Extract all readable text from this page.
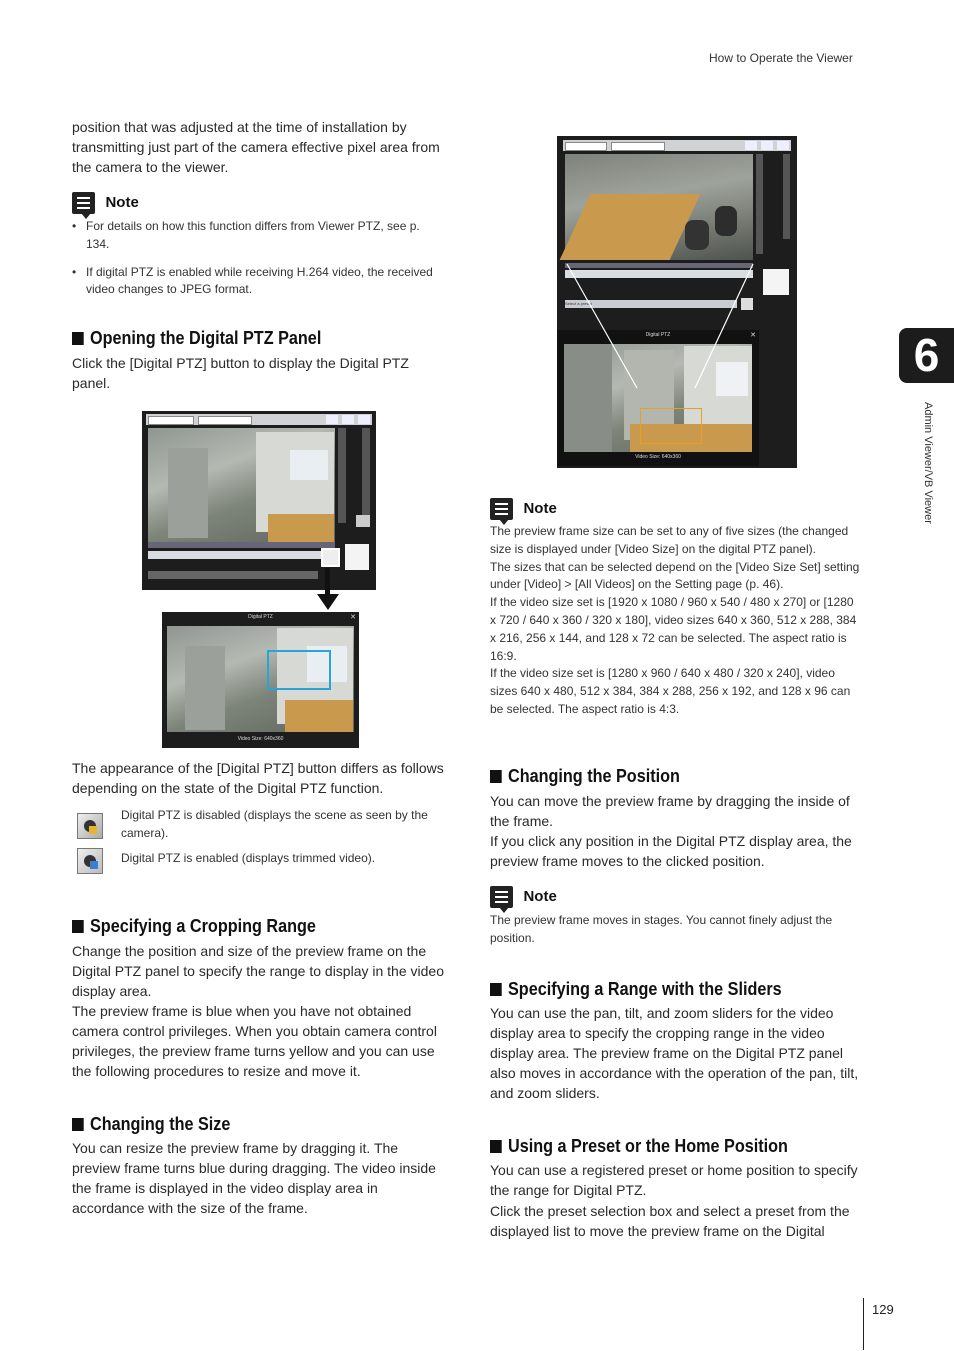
How to Operate the Viewer
6
Admin Viewer/VB Viewer
position that was adjusted at the time of installation by transmitting just part of the camera effective pixel area from the camera to the viewer.
Note
• For details on how this function differs from Viewer PTZ, see p. 134.
• If digital PTZ is enabled while receiving H.264 video, the received video changes to JPEG format.
Opening the Digital PTZ Panel
Click the [Digital PTZ] button to display the Digital PTZ panel.
Digital PTZ	✕
Video Size: 640x360
The appearance of the [Digital PTZ] button differs as follows depending on the state of the Digital PTZ function.
Digital PTZ is disabled (displays the scene as seen by the camera).
Digital PTZ is enabled (displays trimmed video).
Specifying a Cropping Range
Change the position and size of the preview frame on the Digital PTZ panel to specify the range to display in the video display area.
The preview frame is blue when you have not obtained camera control privileges. When you obtain camera control privileges, the preview frame turns yellow and you can use the following procedures to resize and move it.
Changing the Size
You can resize the preview frame by dragging it. The preview frame turns blue during dragging. The video inside the frame is displayed in the video display area in accordance with the size of the frame.
Select a preset
Digital PTZ	✕
Video Size: 640x360
Note
The preview frame size can be set to any of five sizes (the changed size is displayed under [Video Size] on the digital PTZ panel).
The sizes that can be selected depend on the [Video Size Set] setting under [Video] > [All Videos] on the Setting page (p. 46).
If the video size set is [1920 x 1080 / 960 x 540 / 480 x 270] or [1280 x 720 / 640 x 360 / 320 x 180], video sizes 640 x 360, 512 x 288, 384 x 216, 256 x 144, and 128 x 72 can be selected. The aspect ratio is 16:9.
If the video size set is [1280 x 960 / 640 x 480 / 320 x 240], video sizes 640 x 480, 512 x 384, 384 x 288, 256 x 192, and 128 x 96 can be selected. The aspect ratio is 4:3.
Changing the Position
You can move the preview frame by dragging the inside of the frame.
If you click any position in the Digital PTZ display area, the preview frame moves to the clicked position.
Note
The preview frame moves in stages. You cannot finely adjust the position.
Specifying a Range with the Sliders
You can use the pan, tilt, and zoom sliders for the video display area to specify the cropping range in the video display area. The preview frame on the Digital PTZ panel also moves in accordance with the operation of the pan, tilt, and zoom sliders.
Using a Preset or the Home Position
You can use a registered preset or home position to specify the range for Digital PTZ.
Click the preset selection box and select a preset from the displayed list to move the preview frame on the Digital
129
